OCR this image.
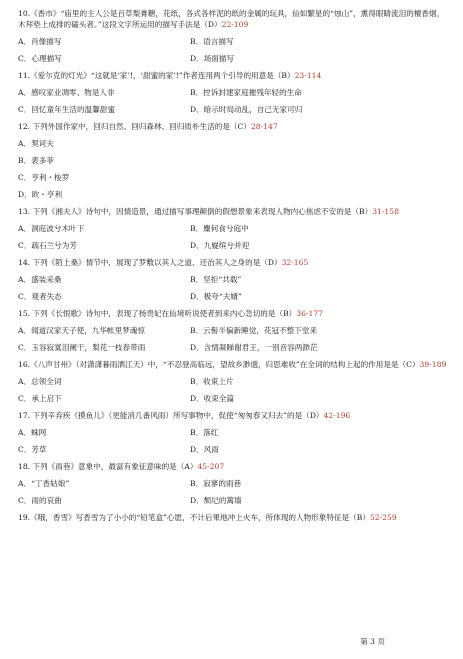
10.《香市》“庙里的主人公是百草梨膏糖，花纸，各式各样泥的纸的金属的玩具，仙如繁星的“烛山”，熏得眼睛流泪的檀香烟，木拜垫上成排的磕头者。”这段文字所运用的描写手法是（D）22-109
A．肖像描写	B．语言描写
C．心理描写	D．场面描写
11.《爱尔克的灯光》“这就是‘家’!，‘甜蜜的家’!”作者连用两个引导的用意是（B）23-114
A．感叹家业凋零、物是人非	B．控诉封建家庭摧残年轻的生命
C．回忆童年生活的温馨甜蜜	D．暗示时局动乱，自己无家可归
12. 下列外国作家中，回归自然、回归森林、回归质朴生活的是（C）28-147
A．契诃夫
B．裴多菲
C．亨利・梭罗
D．欧・亨利
13. 下列《湘夫人》诗句中，因情造景，通过描写事理颠倒的假想景象来表现人物内心焦虑不安的是（B）31-158
A．洞庭波兮木叶下	B．麋何食兮庭中
C．疏石兰兮为芳	D．九嶷缤兮并迎
14. 下列《陌上桑》情节中，展现了罗敷以其人之道、还治其人之身的是（D）32-165
A．盛装采桑	B．坚拒“共载”
C．观者失态	D．极夸“夫婿”
15. 下列《长恨歌》诗句中，表现了杨贵妃在仙境听说使者到来内心急切的是（B）36-177
A．闻道汉家天子使，九华帐里梦魂惊	B．云髻半偏新睡觉，花冠不整下堂来
C．玉容寂寞泪阑干，梨花一枝春带雨	D．含情凝睇谢君王，一别音容两渺茫
16.《八声甘州》（对潇潇暮雨洒江天）中，“不忍登高临远，望故乡渺邈，归思难收”在全词的结构上起的作用是是（C）39-189
A．总领全词	B．收束上片
C．承上启下	D．收束全篇
17. 下列辛弃疾《摸鱼儿》（更能消几番风雨）所写事物中，促使“匆匆春又归去”的是（D）42-196
A．蛛网	B．落红
C．芳草	D．风雨
18. 下列《雨巷》意象中，最富有象征意味的是（A）45-207
A．“丁香姑娘”	B．寂寥的雨巷
C．雨的哀曲	D．颓圮的篱墙
19.《哦，香雪》写香雪为了小小的“铅笔盒”心愿，不计后果地冲上火车，所体现的人物形象特征是（B）52-259
第 3 页
